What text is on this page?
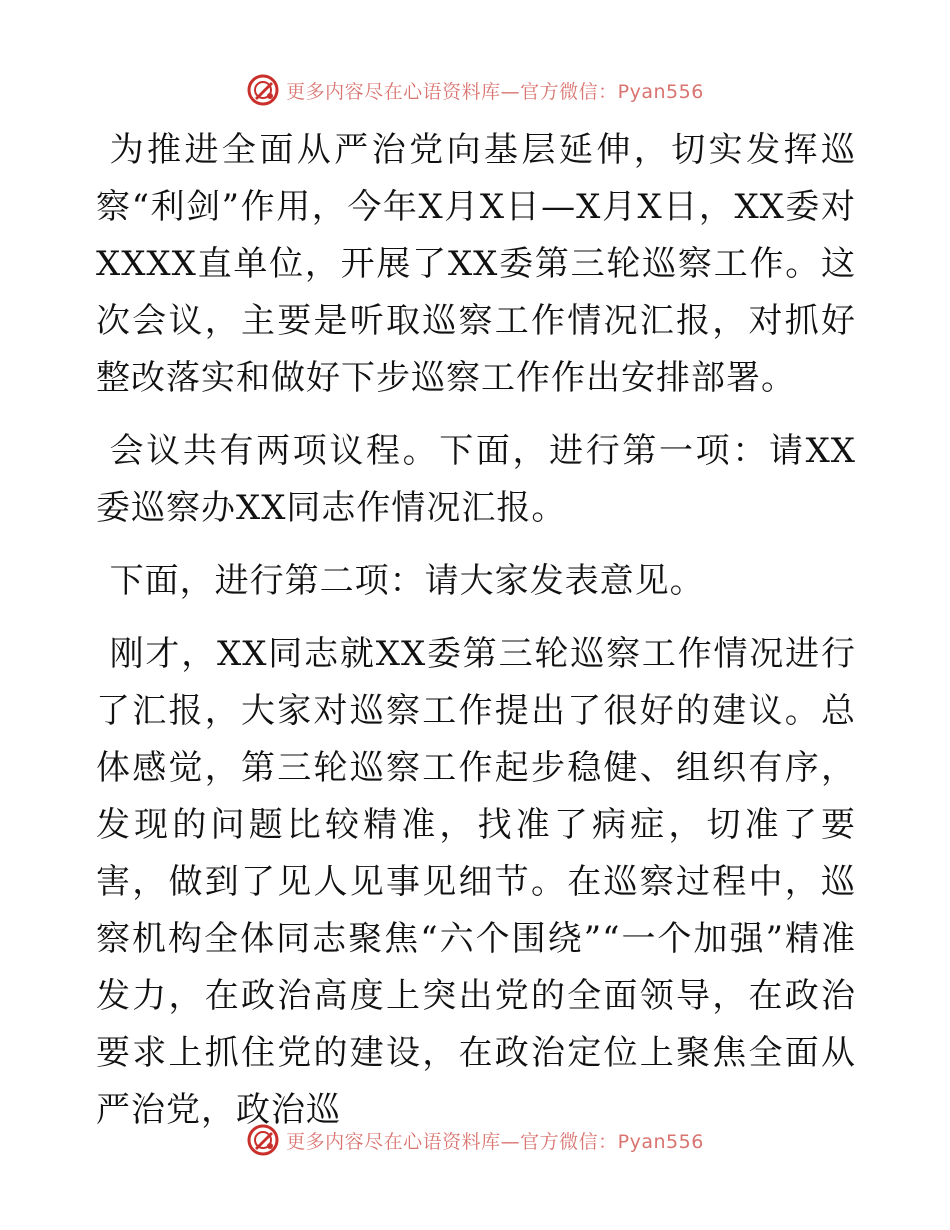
更多内容尽在心语资料库—官方微信：Pyan556

为推进全面从严治党向基层延伸，切实发挥巡察“利剑”作用，今年X月X日—X月X日，XX委对XXXX直单位，开展了XX委第三轮巡察工作。这次会议，主要是听取巡察工作情况汇报，对抓好整改落实和做好下步巡察工作作出安排部署。

会议共有两项议程。下面，进行第一项：请XX委巡察办XX同志作情况汇报。

下面，进行第二项：请大家发表意见。

刚才，XX同志就XX委第三轮巡察工作情况进行了汇报，大家对巡察工作提出了很好的建议。总体感觉，第三轮巡察工作起步稳健、组织有序，发现的问题比较精准，找准了病症，切准了要害，做到了见人见事见细节。在巡察过程中，巡察机构全体同志聚焦“六个围绕”“一个加强”精准发力，在政治高度上突出党的全面领导，在政治要求上抓住党的建设，在政治定位上聚焦全面从严治党，政治巡

更多内容尽在心语资料库—官方微信：Pyan556
